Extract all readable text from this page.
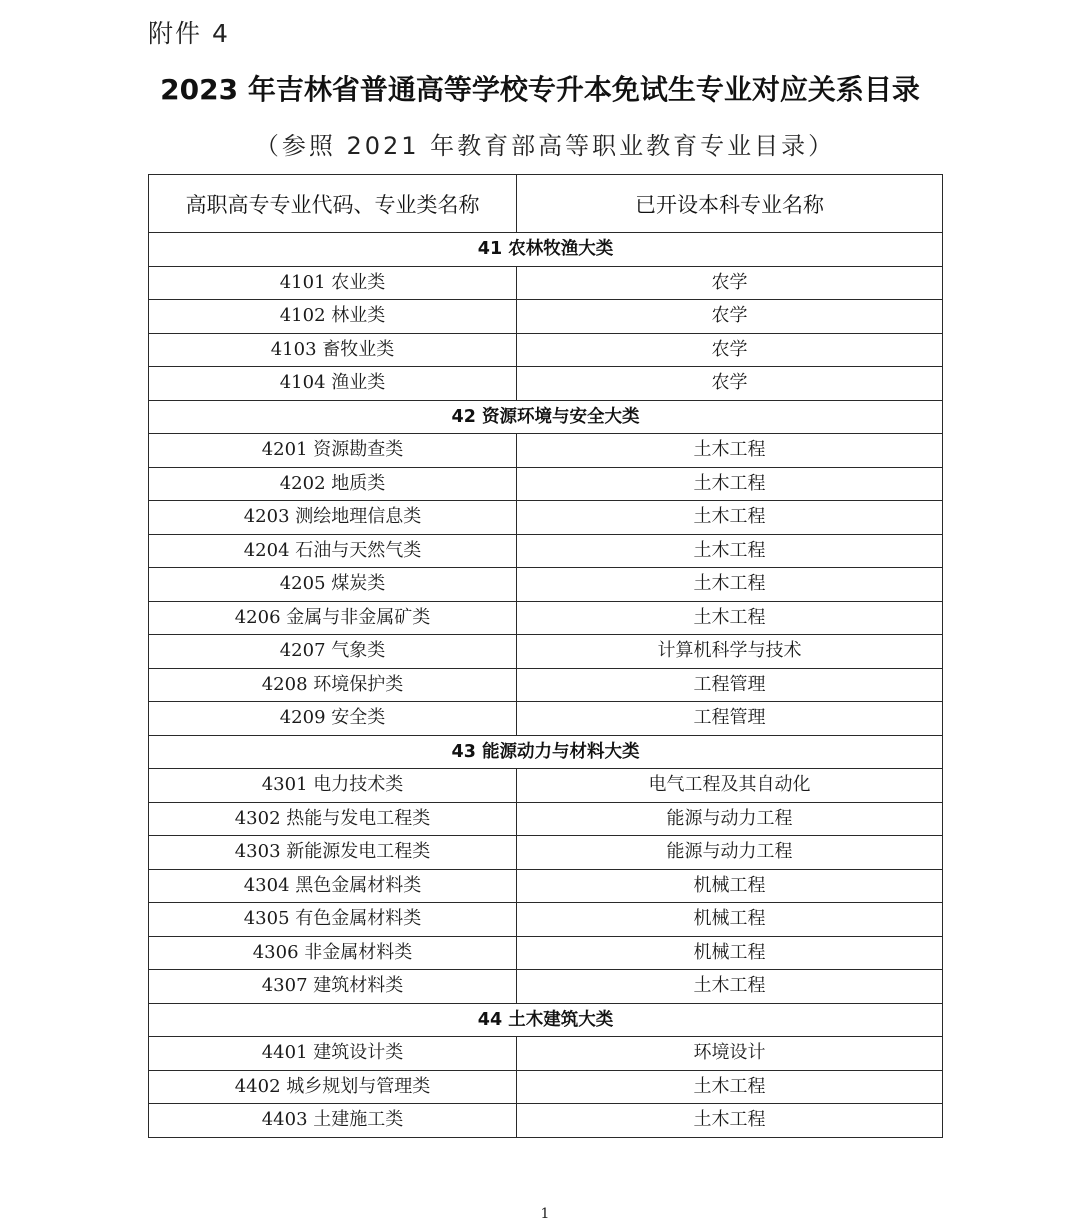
附件 4
2023 年吉林省普通高等学校专升本免试生专业对应关系目录
（参照 2021 年教育部高等职业教育专业目录）
高职高专专业代码、专业类名称	已开设本科专业名称
41 农林牧渔大类	
4101 农业类	农学
4102 林业类	农学
4103 畜牧业类	农学
4104 渔业类	农学
42 资源环境与安全大类	
4201 资源勘查类	土木工程
4202 地质类	土木工程
4203 测绘地理信息类	土木工程
4204 石油与天然气类	土木工程
4205 煤炭类	土木工程
4206 金属与非金属矿类	土木工程
4207 气象类	计算机科学与技术
4208 环境保护类	工程管理
4209 安全类	工程管理
43 能源动力与材料大类	
4301 电力技术类	电气工程及其自动化
4302 热能与发电工程类	能源与动力工程
4303 新能源发电工程类	能源与动力工程
4304 黑色金属材料类	机械工程
4305 有色金属材料类	机械工程
4306 非金属材料类	机械工程
4307 建筑材料类	土木工程
44 土木建筑大类	
4401 建筑设计类	环境设计
4402 城乡规划与管理类	土木工程
4403 土建施工类	土木工程
1
